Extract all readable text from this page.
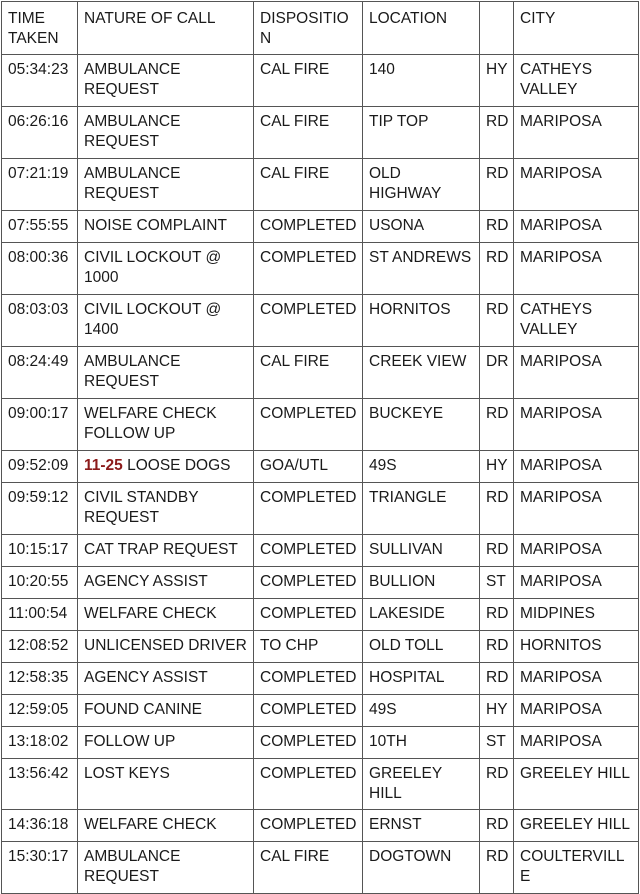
TIME TAKEN	NATURE OF CALL	DISPOSITION	LOCATION		CITY
05:34:23	AMBULANCE REQUEST	CAL FIRE	140	HY	CATHEYS VALLEY
06:26:16	AMBULANCE REQUEST	CAL FIRE	TIP TOP	RD	MARIPOSA
07:21:19	AMBULANCE REQUEST	CAL FIRE	OLD HIGHWAY	RD	MARIPOSA
07:55:55	NOISE COMPLAINT	COMPLETED	USONA	RD	MARIPOSA
08:00:36	CIVIL LOCKOUT @ 1000	COMPLETED	ST ANDREWS	RD	MARIPOSA
08:03:03	CIVIL LOCKOUT @ 1400	COMPLETED	HORNITOS	RD	CATHEYS VALLEY
08:24:49	AMBULANCE REQUEST	CAL FIRE	CREEK VIEW	DR	MARIPOSA
09:00:17	WELFARE CHECK FOLLOW UP	COMPLETED	BUCKEYE	RD	MARIPOSA
09:52:09	11-25 LOOSE DOGS	GOA/UTL	49S	HY	MARIPOSA
09:59:12	CIVIL STANDBY REQUEST	COMPLETED	TRIANGLE	RD	MARIPOSA
10:15:17	CAT TRAP REQUEST	COMPLETED	SULLIVAN	RD	MARIPOSA
10:20:55	AGENCY ASSIST	COMPLETED	BULLION	ST	MARIPOSA
11:00:54	WELFARE CHECK	COMPLETED	LAKESIDE	RD	MIDPINES
12:08:52	UNLICENSED DRIVER	TO CHP	OLD TOLL	RD	HORNITOS
12:58:35	AGENCY ASSIST	COMPLETED	HOSPITAL	RD	MARIPOSA
12:59:05	FOUND CANINE	COMPLETED	49S	HY	MARIPOSA
13:18:02	FOLLOW UP	COMPLETED	10TH	ST	MARIPOSA
13:56:42	LOST KEYS	COMPLETED	GREELEY HILL	RD	GREELEY HILL
14:36:18	WELFARE CHECK	COMPLETED	ERNST	RD	GREELEY HILL
15:30:17	AMBULANCE REQUEST	CAL FIRE	DOGTOWN	RD	COULTERVILLE
